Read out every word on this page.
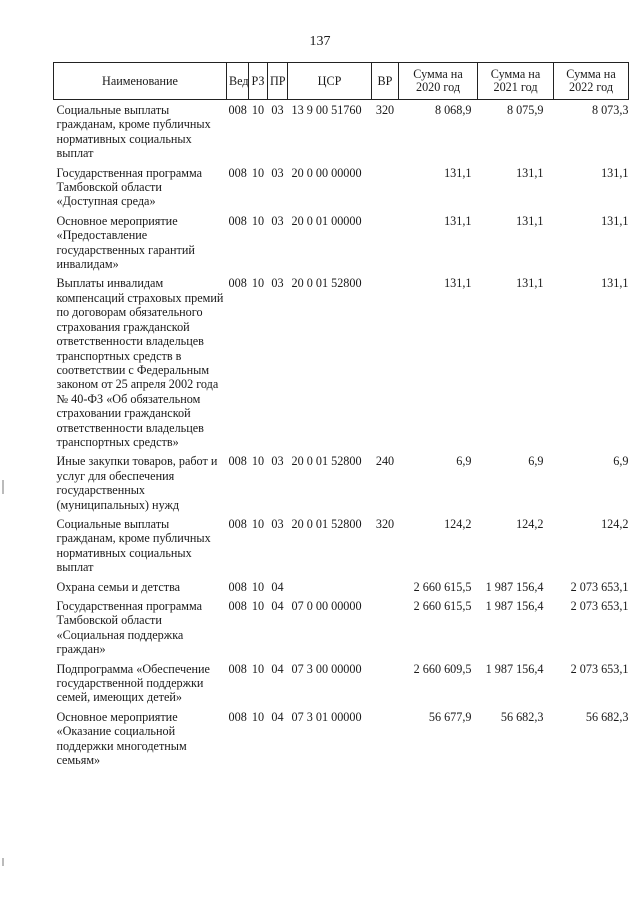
137
Наименование	Вед	РЗ	ПР	ЦСР	ВР	Сумма на 2020 год	Сумма на 2021 год	Сумма на 2022 год
Социальные выплаты гражданам, кроме публичных нормативных социальных выплат	008	10	03	13 9 00 51760	320	8 068,9	8 075,9	8 073,3
Государственная программа Тамбовской области «Доступная среда»	008	10	03	20 0 00 00000		131,1	131,1	131,1
Основное мероприятие «Предоставление государственных гарантий инвалидам»	008	10	03	20 0 01 00000		131,1	131,1	131,1
Выплаты инвалидам компенсаций страховых премий по договорам обязательного страхования гражданской ответственности владельцев транспортных средств в соответствии с Федеральным законом от 25 апреля 2002 года № 40-ФЗ «Об обязательном страховании гражданской ответственности владельцев транспортных средств»	008	10	03	20 0 01 52800		131,1	131,1	131,1
Иные закупки товаров, работ и услуг для обеспечения государственных (муниципальных) нужд	008	10	03	20 0 01 52800	240	6,9	6,9	6,9
Социальные выплаты гражданам, кроме публичных нормативных социальных выплат	008	10	03	20 0 01 52800	320	124,2	124,2	124,2
Охрана семьи и детства	008	10	04			2 660 615,5	1 987 156,4	2 073 653,1
Государственная программа Тамбовской области «Социальная поддержка граждан»	008	10	04	07 0 00 00000		2 660 615,5	1 987 156,4	2 073 653,1
Подпрограмма «Обеспечение государственной поддержки семей, имеющих детей»	008	10	04	07 3 00 00000		2 660 609,5	1 987 156,4	2 073 653,1
Основное мероприятие «Оказание социальной поддержки многодетным семьям»	008	10	04	07 3 01 00000		56 677,9	56 682,3	56 682,3
